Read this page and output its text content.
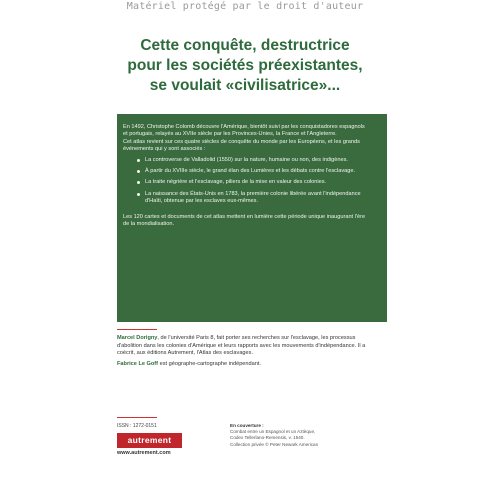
Matériel protégé par le droit d'auteur
Cette conquête, destructrice
pour les sociétés préexistantes,
se voulait «civilisatrice»...

En 1492, Christophe Colomb découvre l'Amérique, bientôt suivi par les conquistadores espagnols et portugais, relayés au XVIIe siècle par les Provinces-Unies, la France et l'Angleterre.

Cet atlas revient sur ces quatre siècles de conquête du monde par les Européens, et les grands événements qui y sont associés :

La controverse de Valladolid (1550) sur la nature, humaine ou non, des indigènes.
À partir du XVIIIe siècle, le grand élan des Lumières et les débats contre l'esclavage.
La traite négrière et l'esclavage, piliers de la mise en valeur des colonies.
La naissance des États-Unis en 1783, la première colonie libérée avant l'indépendance d'Haïti, obtenue par les esclaves eux-mêmes.

Les 120 cartes et documents de cet atlas mettent en lumière cette période unique inaugurant l'ère de la mondialisation.

Marcel Dorigny, de l'université Paris 8, fait porter ses recherches sur l'esclavage, les processus d'abolition dans les colonies d'Amérique et leurs rapports avec les mouvements d'indépendance. Il a coécrit, aux éditions Autrement, l'Atlas des esclavages.

Fabrice Le Goff est géographe-cartographe indépendant.

ISSN : 1272-0151
autrement
www.autrement.com
En couverture :
Combat entre un Espagnol et un Aztèque,
Codex Tellerlano-Remensis, v. 1540.
Collection privée © Peter Newark American
